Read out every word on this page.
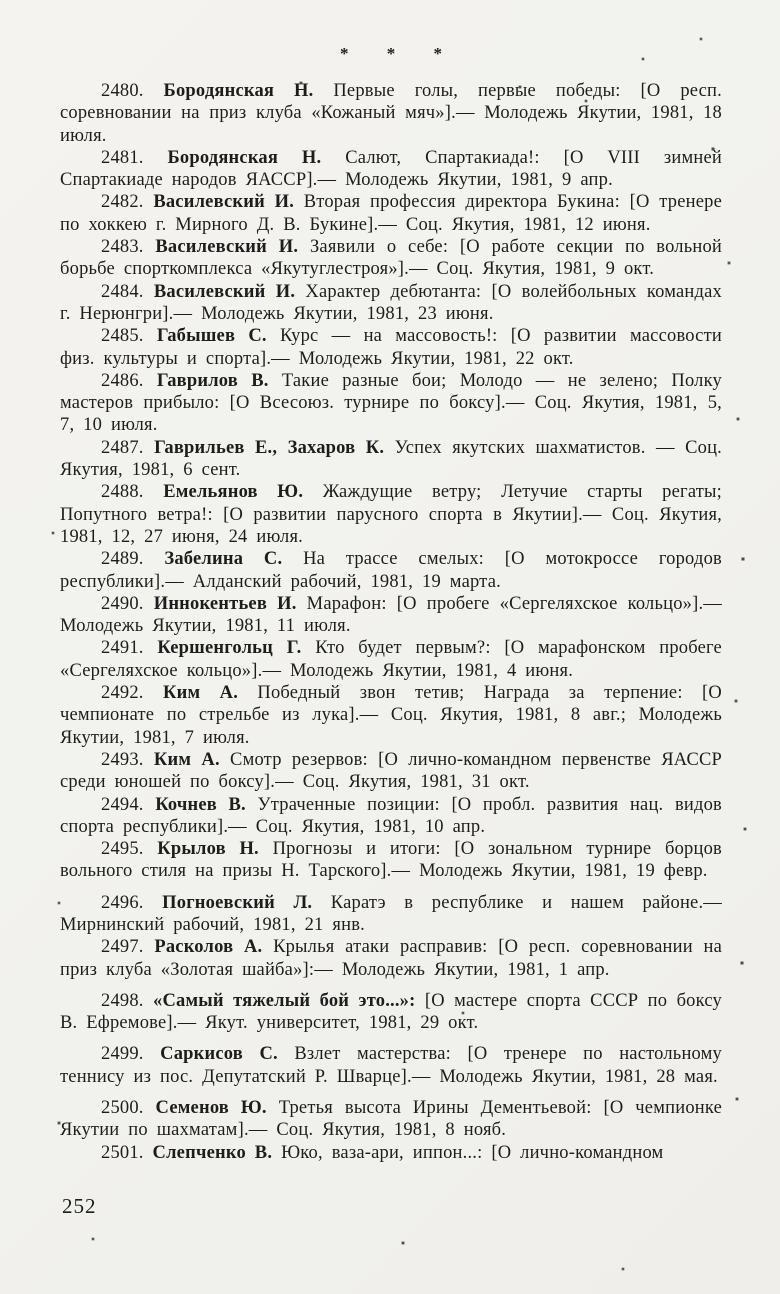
* * *

2480. Бородянская Н. Первые голы, первые победы: [О респ. соревновании на приз клуба «Кожаный мяч»].— Молодежь Якутии, 1981, 18 июля.

2481. Бородянская Н. Салют, Спартакиада!: [О VIII зимней Спартакиаде народов ЯАССР].— Молодежь Якутии, 1981, 9 апр.

2482. Василевский И. Вторая профессия директора Букина: [О тренере по хоккею г. Мирного Д. В. Букине].— Соц. Якутия, 1981, 12 июня.

2483. Василевский И. Заявили о себе: [О работе секции по вольной борьбе спорткомплекса «Якутуглестроя»].— Соц. Якутия, 1981, 9 окт.

2484. Василевский И. Характер дебютанта: [О волейбольных командах г. Нерюнгри].— Молодежь Якутии, 1981, 23 июня.

2485. Габышев С. Курс — на массовость!: [О развитии массовости физ. культуры и спорта].— Молодежь Якутии, 1981, 22 окт.

2486. Гаврилов В. Такие разные бои; Молодо — не зелено; Полку мастеров прибыло: [О Всесоюз. турнире по боксу].— Соц. Якутия, 1981, 5, 7, 10 июля.

2487. Гаврильев Е., Захаров К. Успех якутских шахматистов. — Соц. Якутия, 1981, 6 сент.

2488. Емельянов Ю. Жаждущие ветру; Летучие старты регаты; Попутного ветра!: [О развитии парусного спорта в Якутии].— Соц. Якутия, 1981, 12, 27 июня, 24 июля.

2489. Забелина С. На трассе смелых: [О мотокроссе городов республики].— Алданский рабочий, 1981, 19 марта.

2490. Иннокентьев И. Марафон: [О пробеге «Сергеляхское кольцо»].— Молодежь Якутии, 1981, 11 июля.

2491. Кершенгольц Г. Кто будет первым?: [О марафонском пробеге «Сергеляхское кольцо»].— Молодежь Якутии, 1981, 4 июня.

2492. Ким А. Победный звон тетив; Награда за терпение: [О чемпионате по стрельбе из лука].— Соц. Якутия, 1981, 8 авг.; Молодежь Якутии, 1981, 7 июля.

2493. Ким А. Смотр резервов: [О лично-командном первенстве ЯАССР среди юношей по боксу].— Соц. Якутия, 1981, 31 окт.

2494. Кочнев В. Утраченные позиции: [О пробл. развития нац. видов спорта республики].— Соц. Якутия, 1981, 10 апр.

2495. Крылов Н. Прогнозы и итоги: [О зональном турнире борцов вольного стиля на призы Н. Тарского].— Молодежь Якутии, 1981, 19 февр.

2496. Погноевский Л. Каратэ в республике и нашем районе.— Мирнинский рабочий, 1981, 21 янв.

2497. Расколов А. Крылья атаки расправив: [О респ. соревновании на приз клуба «Золотая шайба»]:— Молодежь Якутии, 1981, 1 апр.

2498. «Самый тяжелый бой это...»: [О мастере спорта СССР по боксу В. Ефремове].— Якут. университет, 1981, 29 окт.

2499. Саркисов С. Взлет мастерства: [О тренере по настольному теннису из пос. Депутатский Р. Шварце].— Молодежь Якутии, 1981, 28 мая.

2500. Семенов Ю. Третья высота Ирины Дементьевой: [О чемпионке Якутии по шахматам].— Соц. Якутия, 1981, 8 нояб.

2501. Слепченко В. Юко, ваза-ари, иппон...: [О лично-командном

252
